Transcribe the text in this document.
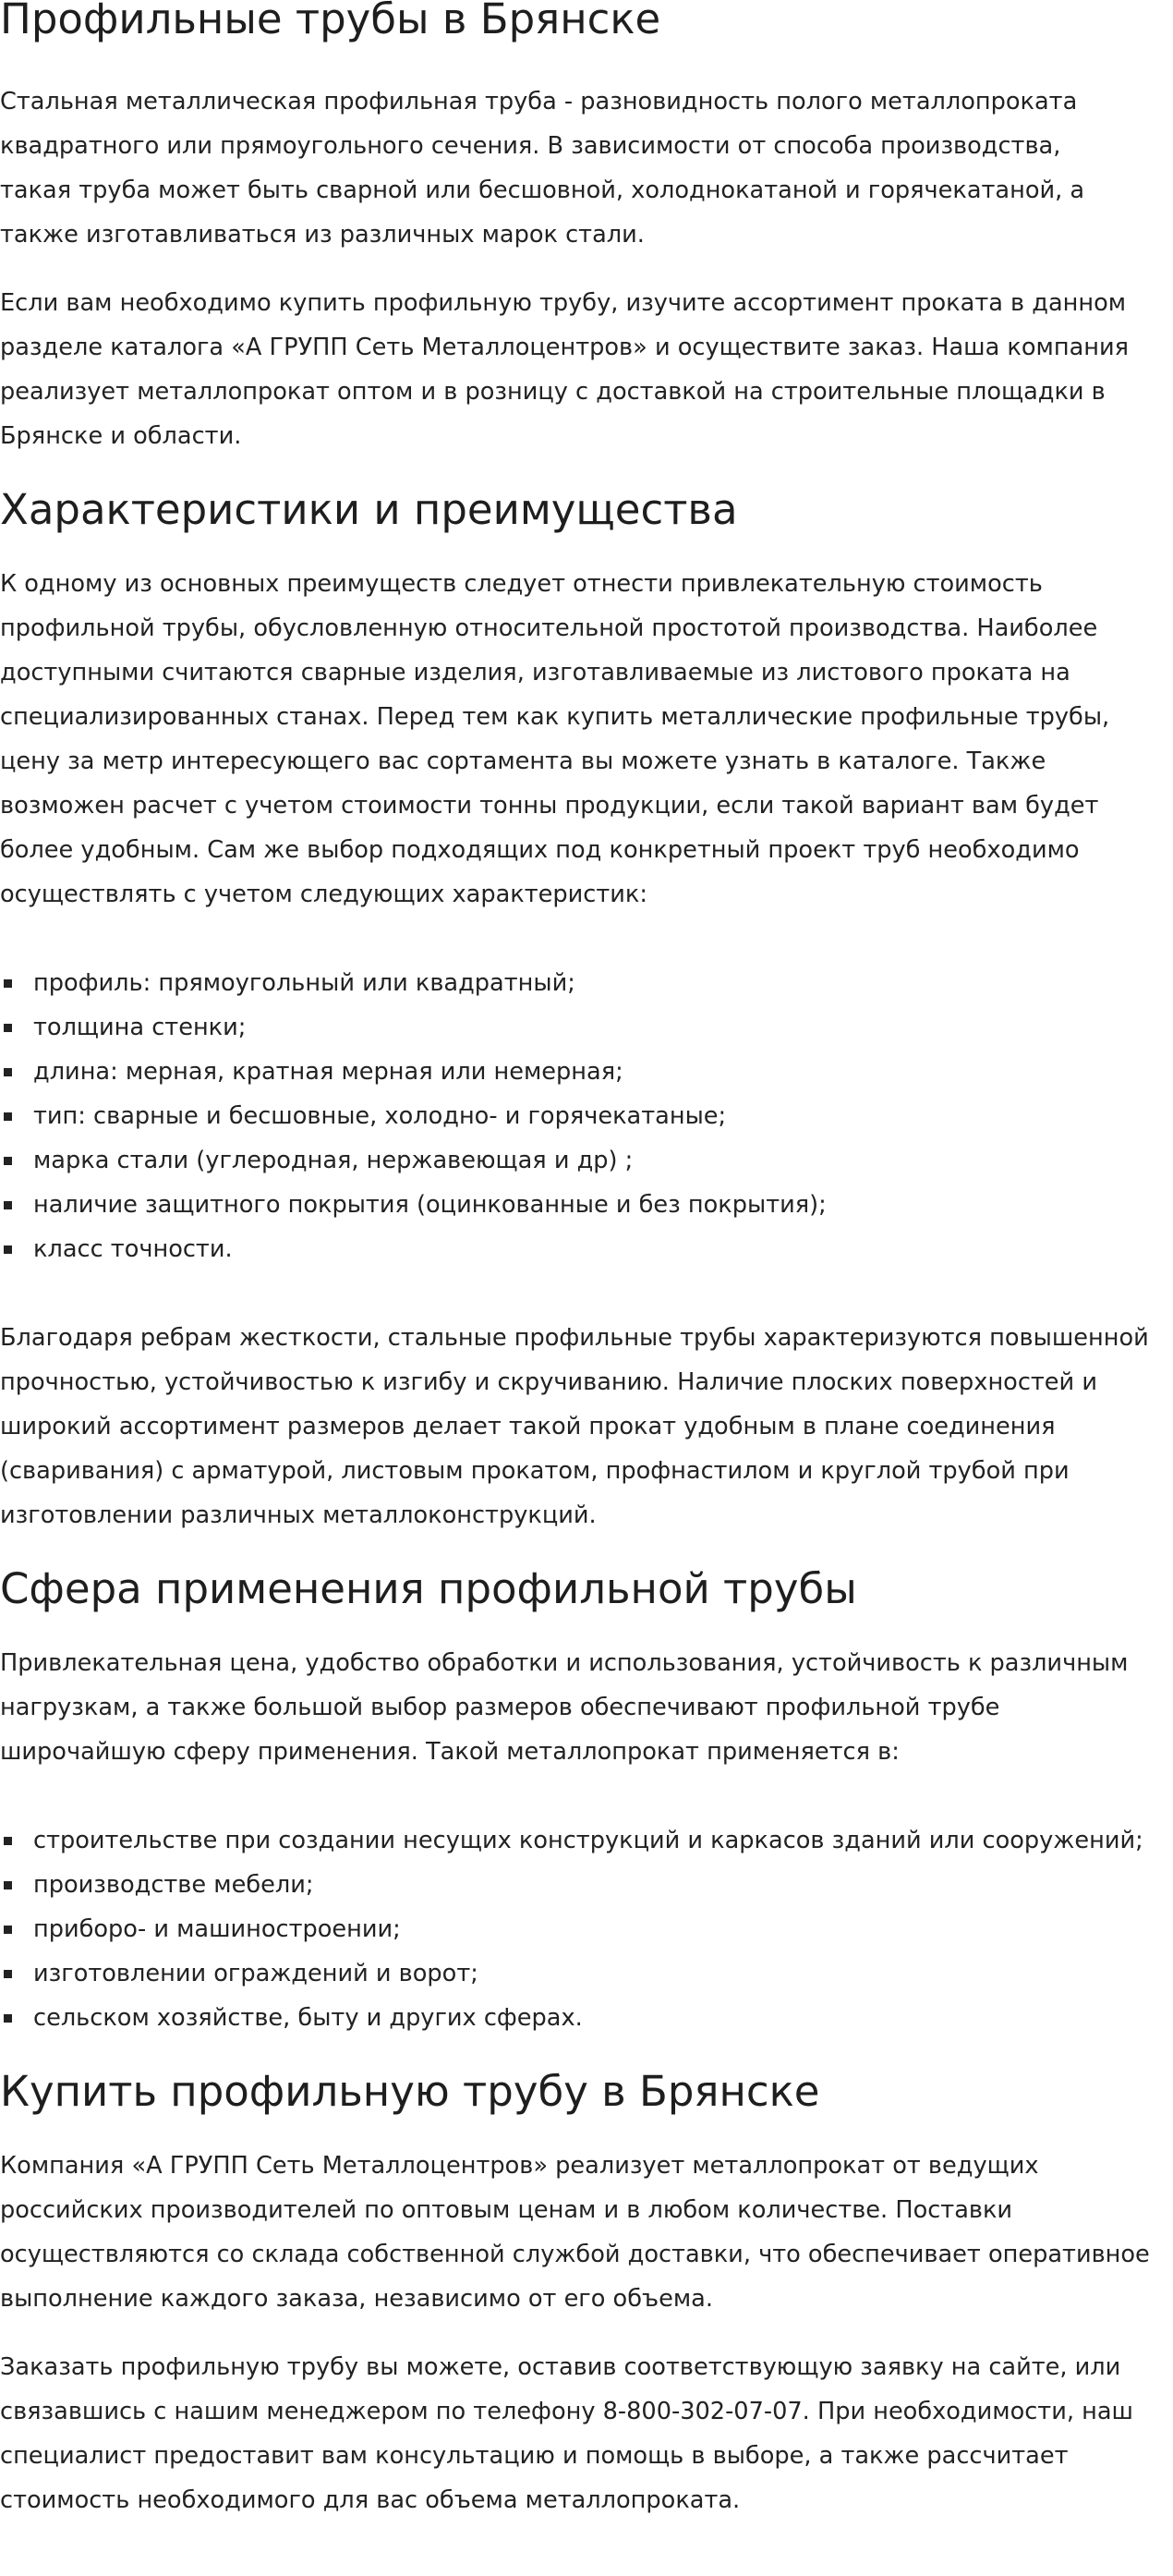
Профильные трубы в Брянске

Стальная металлическая профильная труба - разновидность полого металлопроката квадратного или прямоугольного сечения. В зависимости от способа производства, такая труба может быть сварной или бесшовной, холоднокатаной и горячекатаной, а также изготавливаться из различных марок стали.

Если вам необходимо купить профильную трубу, изучите ассортимент проката в данном разделе каталога «А ГРУПП Сеть Металлоцентров» и осуществите заказ. Наша компания реализует металлопрокат оптом и в розницу с доставкой на строительные площадки в Брянске и области.

Характеристики и преимущества

К одному из основных преимуществ следует отнести привлекательную стоимость профильной трубы, обусловленную относительной простотой производства. Наиболее доступными считаются сварные изделия, изготавливаемые из листового проката на специализированных станах. Перед тем как купить металлические профильные трубы, цену за метр интересующего вас сортамента вы можете узнать в каталоге. Также возможен расчет с учетом стоимости тонны продукции, если такой вариант вам будет более удобным. Сам же выбор подходящих под конкретный проект труб необходимо осуществлять с учетом следующих характеристик:

профиль: прямоугольный или квадратный;
толщина стенки;
длина: мерная, кратная мерная или немерная;
тип: сварные и бесшовные, холодно- и горячекатаные;
марка стали (углеродная, нержавеющая и др) ;
наличие защитного покрытия (оцинкованные и без покрытия);
класс точности.

Благодаря ребрам жесткости, стальные профильные трубы характеризуются повышенной прочностью, устойчивостью к изгибу и скручиванию. Наличие плоских поверхностей и широкий ассортимент размеров делает такой прокат удобным в плане соединения (сваривания) с арматурой, листовым прокатом, профнастилом и круглой трубой при изготовлении различных металлоконструкций.

Сфера применения профильной трубы

Привлекательная цена, удобство обработки и использования, устойчивость к различным нагрузкам, а также большой выбор размеров обеспечивают профильной трубе широчайшую сферу применения. Такой металлопрокат применяется в:

строительстве при создании несущих конструкций и каркасов зданий или сооружений;
производстве мебели;
приборо- и машиностроении;
изготовлении ограждений и ворот;
сельском хозяйстве, быту и других сферах.
Купить профильную трубу в Брянске

Компания «А ГРУПП Сеть Металлоцентров» реализует металлопрокат от ведущих российских производителей по оптовым ценам и в любом количестве. Поставки осуществляются со склада собственной службой доставки, что обеспечивает оперативное выполнение каждого заказа, независимо от его объема.

Заказать профильную трубу вы можете, оставив соответствующую заявку на сайте, или связавшись с нашим менеджером по телефону 8-800-302-07-07. При необходимости, наш специалист предоставит вам консультацию и помощь в выборе, а также рассчитает стоимость необходимого для вас объема металлопроката.
